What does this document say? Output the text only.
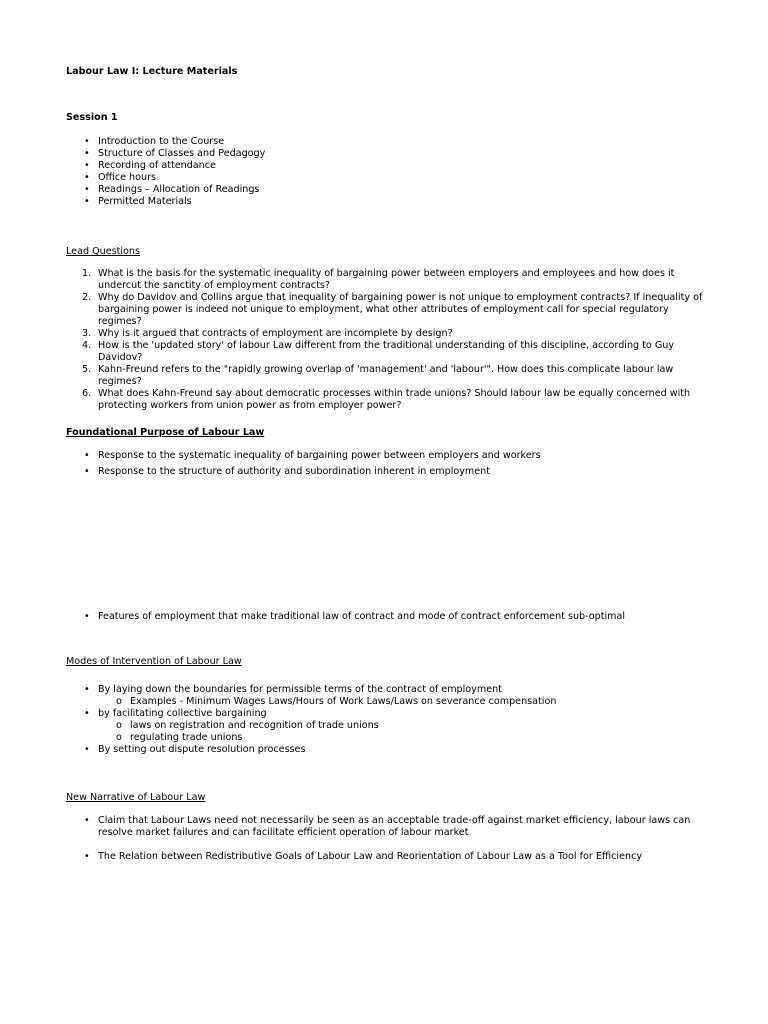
Labour Law I: Lecture Materials

Session 1

• Introduction to the Course
• Structure of Classes and Pedagogy
• Recording of attendance
• Office hours
• Readings – Allocation of Readings
• Permitted Materials

Lead Questions

1. What is the basis for the systematic inequality of bargaining power between employers and employees and how does it undercut the sanctity of employment contracts?
2. Why do Davidov and Collins argue that inequality of bargaining power is not unique to employment contracts? If inequality of bargaining power is indeed not unique to employment, what other attributes of employment call for special regulatory regimes?
3. Why is it argued that contracts of employment are incomplete by design?
4. How is the 'updated story' of labour Law different from the traditional understanding of this discipline, according to Guy Davidov?
5. Kahn-Freund refers to the "rapidly growing overlap of 'management' and 'labour'". How does this complicate labour law regimes?
6. What does Kahn-Freund say about democratic processes within trade unions? Should labour law be equally concerned with protecting workers from union power as from employer power?

Foundational Purpose of Labour Law

• Response to the systematic inequality of bargaining power between employers and workers
• Response to the structure of authority and subordination inherent in employment
• Features of employment that make traditional law of contract and mode of contract enforcement sub-optimal

Modes of Intervention of Labour Law

• By laying down the boundaries for permissible terms of the contract of employment
o Examples - Minimum Wages Laws/Hours of Work Laws/Laws on severance compensation
• by facilitating collective bargaining
o laws on registration and recognition of trade unions
o regulating trade unions
• By setting out dispute resolution processes

New Narrative of Labour Law

• Claim that Labour Laws need not necessarily be seen as an acceptable trade-off against market efficiency, labour laws can resolve market failures and can facilitate efficient operation of labour market
• The Relation between Redistributive Goals of Labour Law and Reorientation of Labour Law as a Tool for Efficiency
